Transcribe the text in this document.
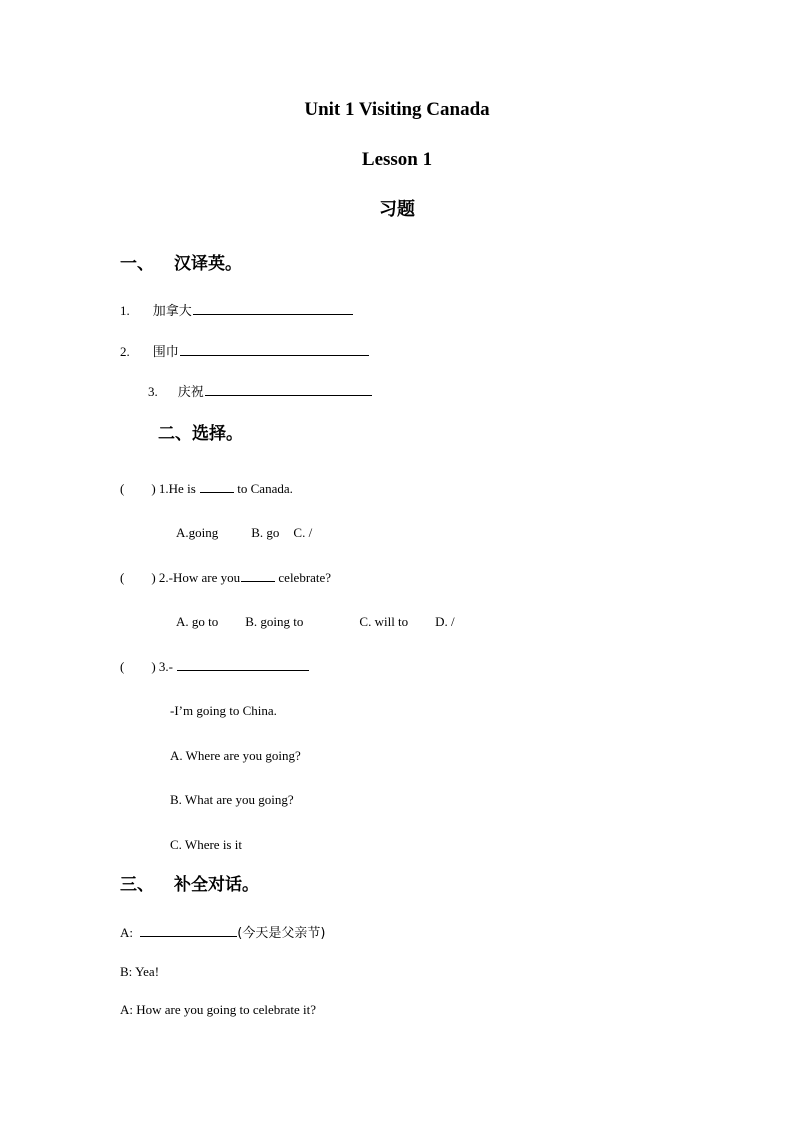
Unit 1 Visiting Canada
Lesson 1
习题
一、 汉译英。
1. 加拿大
2. 围巾
3. 庆祝
二、选择。
( ) 1.He is	to Canada.
A.going	B. go C. /
( ) 2.-How are you	celebrate?
A. go to B. going to	C. will to D. /
( ) 3.-
-I’m going to China.
A. Where are you going?
B. What are you going?
C. Where is it
三、 补全对话。
A:	(今天是父亲节)
B: Yea!
A: How are you going to celebrate it?
